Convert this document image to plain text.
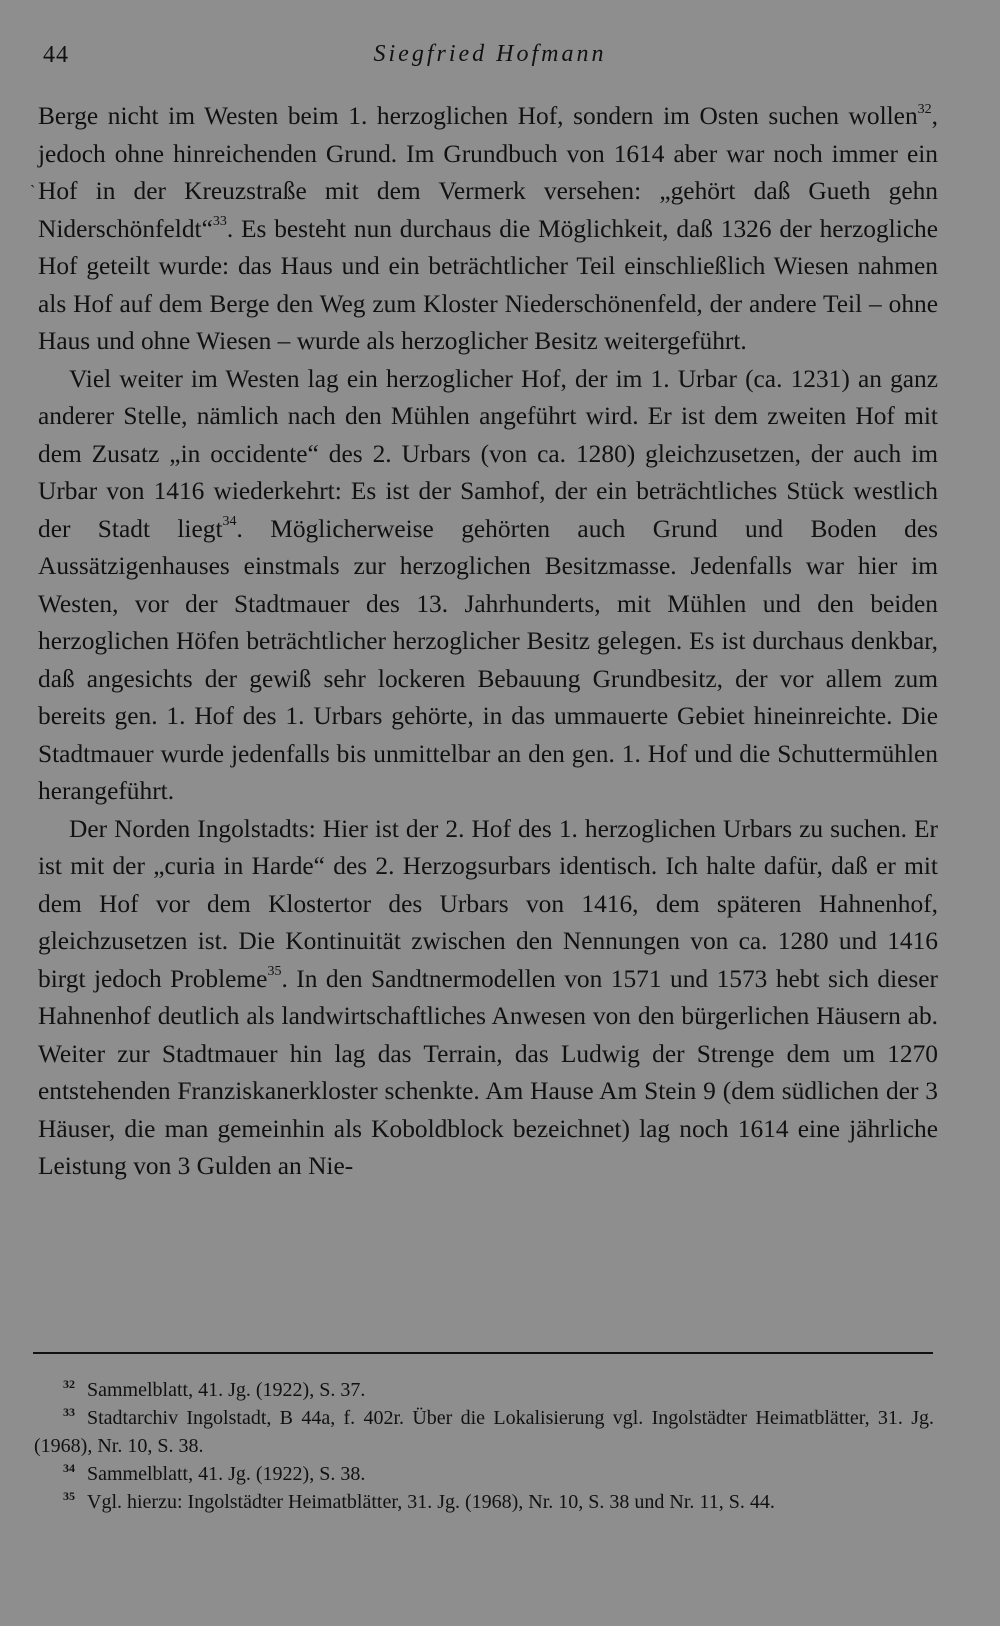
44	Siegfried Hofmann
`

Berge nicht im Westen beim 1. herzoglichen Hof, sondern im Osten suchen wollen$^{32}$, jedoch ohne hinreichenden Grund. Im Grundbuch von 1614 aber war noch immer ein Hof in der Kreuzstraße mit dem Vermerk versehen: „gehört daß Gueth gehn Niderschönfeldt“$^{33}$. Es besteht nun durchaus die Möglichkeit, daß 1326 der herzogliche Hof geteilt wurde: das Haus und ein beträchtlicher Teil einschließlich Wiesen nahmen als Hof auf dem Berge den Weg zum Kloster Niederschönenfeld, der andere Teil – ohne Haus und ohne Wiesen – wurde als herzoglicher Besitz weitergeführt.

Viel weiter im Westen lag ein herzoglicher Hof, der im 1. Urbar (ca. 1231) an ganz anderer Stelle, nämlich nach den Mühlen angeführt wird. Er ist dem zweiten Hof mit dem Zusatz „in occidente“ des 2. Urbars (von ca. 1280) gleichzusetzen, der auch im Urbar von 1416 wiederkehrt: Es ist der Samhof, der ein beträchtliches Stück westlich der Stadt liegt$^{34}$. Möglicherweise gehörten auch Grund und Boden des Aussätzigenhauses einstmals zur herzoglichen Besitzmasse. Jedenfalls war hier im Westen, vor der Stadtmauer des 13. Jahrhunderts, mit Mühlen und den beiden herzoglichen Höfen beträchtlicher herzoglicher Besitz gelegen. Es ist durchaus denkbar, daß angesichts der gewiß sehr lockeren Bebauung Grundbesitz, der vor allem zum bereits gen. 1. Hof des 1. Urbars gehörte, in das ummauerte Gebiet hineinreichte. Die Stadtmauer wurde jedenfalls bis unmittelbar an den gen. 1. Hof und die Schuttermühlen herangeführt.

Der Norden Ingolstadts: Hier ist der 2. Hof des 1. herzoglichen Urbars zu suchen. Er ist mit der „curia in Harde“ des 2. Herzogsurbars identisch. Ich halte dafür, daß er mit dem Hof vor dem Klostertor des Urbars von 1416, dem späteren Hahnenhof, gleichzusetzen ist. Die Kontinuität zwischen den Nennungen von ca. 1280 und 1416 birgt jedoch Probleme$^{35}$. In den Sandtnermodellen von 1571 und 1573 hebt sich dieser Hahnenhof deutlich als landwirtschaftliches Anwesen von den bürgerlichen Häusern ab. Weiter zur Stadtmauer hin lag das Terrain, das Ludwig der Strenge dem um 1270 entstehenden Franziskanerkloster schenkte. Am Hause Am Stein 9 (dem südlichen der 3 Häuser, die man gemeinhin als Koboldblock bezeichnet) lag noch 1614 eine jährliche Leistung von 3 Gulden an Nie-

$^{32}$ Sammelblatt, 41. Jg. (1922), S. 37.

$^{33}$ Stadtarchiv Ingolstadt, B 44a, f. 402r. Über die Lokalisierung vgl. Ingolstädter Heimatblätter, 31. Jg. (1968), Nr. 10, S. 38.

$^{34}$ Sammelblatt, 41. Jg. (1922), S. 38.

$^{35}$ Vgl. hierzu: Ingolstädter Heimatblätter, 31. Jg. (1968), Nr. 10, S. 38 und Nr. 11, S. 44.
